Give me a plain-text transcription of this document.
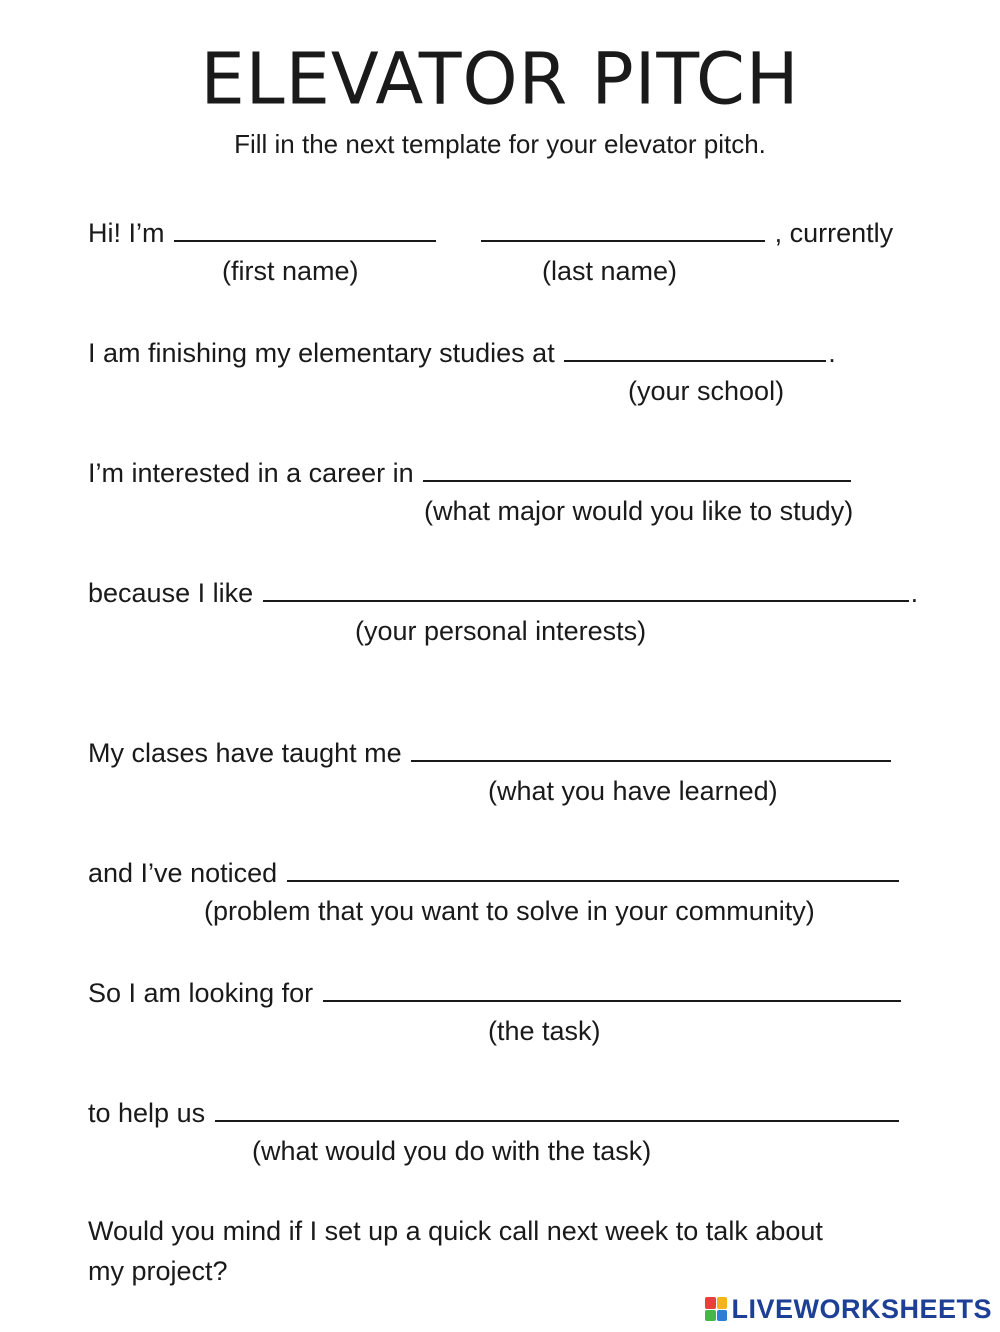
ELEVATOR PITCH
Fill in the next template for your elevator pitch.
Hi! I’m	, currently
(first name)	(last name)
I am finishing my elementary studies at	.
(your school)
I’m interested in a career in
(what major would you like to study)
because I like	.
(your personal interests)
My clases have taught me
(what you have learned)
and I’ve noticed
(problem that you want to solve in your community)
So I am looking for
(the task)
to help us
(what would you do with the task)
Would you mind if I set up a quick call next week to talk about
my project?
LIVEWORKSHEETS
